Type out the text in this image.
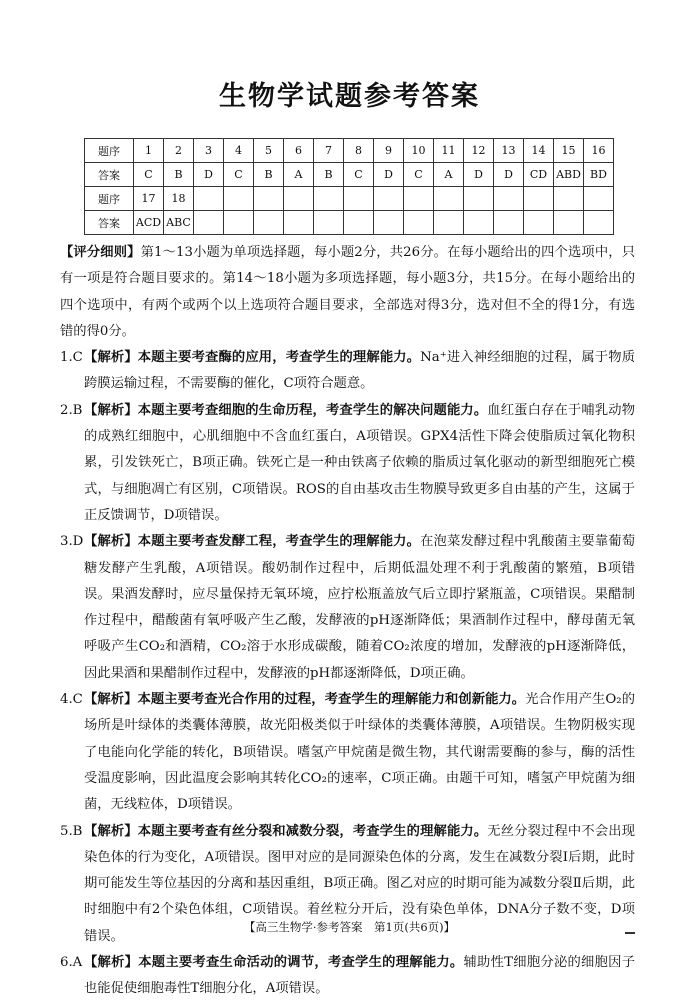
生物学试题参考答案
题序	1	2	3	4	5	6	7	8	9	10	11	12	13	14	15	16
答案	C	B	D	C	B	A	B	C	D	C	A	D	D	CD	ABD	BD
题序	17	18														
答案	ACD	ABC														

【评分细则】第1～13小题为单项选择题，每小题2分，共26分。在每小题给出的四个选项中，只有一项是符合题目要求的。第14～18小题为多项选择题，每小题3分，共15分。在每小题给出的四个选项中，有两个或两个以上选项符合题目要求，全部选对得3分，选对但不全的得1分，有选错的得0分。

1.C 【解析】本题主要考查酶的应用，考查学生的理解能力。Na⁺进入神经细胞的过程，属于物质跨膜运输过程，不需要酶的催化，C项符合题意。
2.B 【解析】本题主要考查细胞的生命历程，考查学生的解决问题能力。血红蛋白存在于哺乳动物的成熟红细胞中，心肌细胞中不含血红蛋白，A项错误。GPX4活性下降会使脂质过氧化物积累，引发铁死亡，B项正确。铁死亡是一种由铁离子依赖的脂质过氧化驱动的新型细胞死亡模式，与细胞凋亡有区别，C项错误。ROS的自由基攻击生物膜导致更多自由基的产生，这属于正反馈调节，D项错误。
3.D 【解析】本题主要考查发酵工程，考查学生的理解能力。在泡菜发酵过程中乳酸菌主要靠葡萄糖发酵产生乳酸，A项错误。酸奶制作过程中，后期低温处理不利于乳酸菌的繁殖，B项错误。果酒发酵时，应尽量保持无氧环境，应拧松瓶盖放气后立即拧紧瓶盖，C项错误。果醋制作过程中，醋酸菌有氧呼吸产生乙酸，发酵液的pH逐渐降低；果酒制作过程中，酵母菌无氧呼吸产生CO₂和酒精，CO₂溶于水形成碳酸，随着CO₂浓度的增加，发酵液的pH逐渐降低，因此果酒和果醋制作过程中，发酵液的pH都逐渐降低，D项正确。
4.C 【解析】本题主要考查光合作用的过程，考查学生的理解能力和创新能力。光合作用产生O₂的场所是叶绿体的类囊体薄膜，故光阳极类似于叶绿体的类囊体薄膜，A项错误。生物阴极实现了电能向化学能的转化，B项错误。嗜氢产甲烷菌是微生物，其代谢需要酶的参与，酶的活性受温度影响，因此温度会影响其转化CO₂的速率，C项正确。由题干可知，嗜氢产甲烷菌为细菌，无线粒体，D项错误。
5.B 【解析】本题主要考查有丝分裂和减数分裂，考查学生的理解能力。无丝分裂过程中不会出现染色体的行为变化，A项错误。图甲对应的是同源染色体的分离，发生在减数分裂Ⅰ后期，此时期可能发生等位基因的分离和基因重组，B项正确。图乙对应的时期可能为减数分裂Ⅱ后期，此时细胞中有2个染色体组，C项错误。着丝粒分开后，没有染色单体，DNA分子数不变，D项错误。
6.A 【解析】本题主要考查生命活动的调节，考查学生的理解能力。辅助性T细胞分泌的细胞因子也能促使细胞毒性T细胞分化，A项错误。
【高三生物学·参考答案　第1页(共6页)】
